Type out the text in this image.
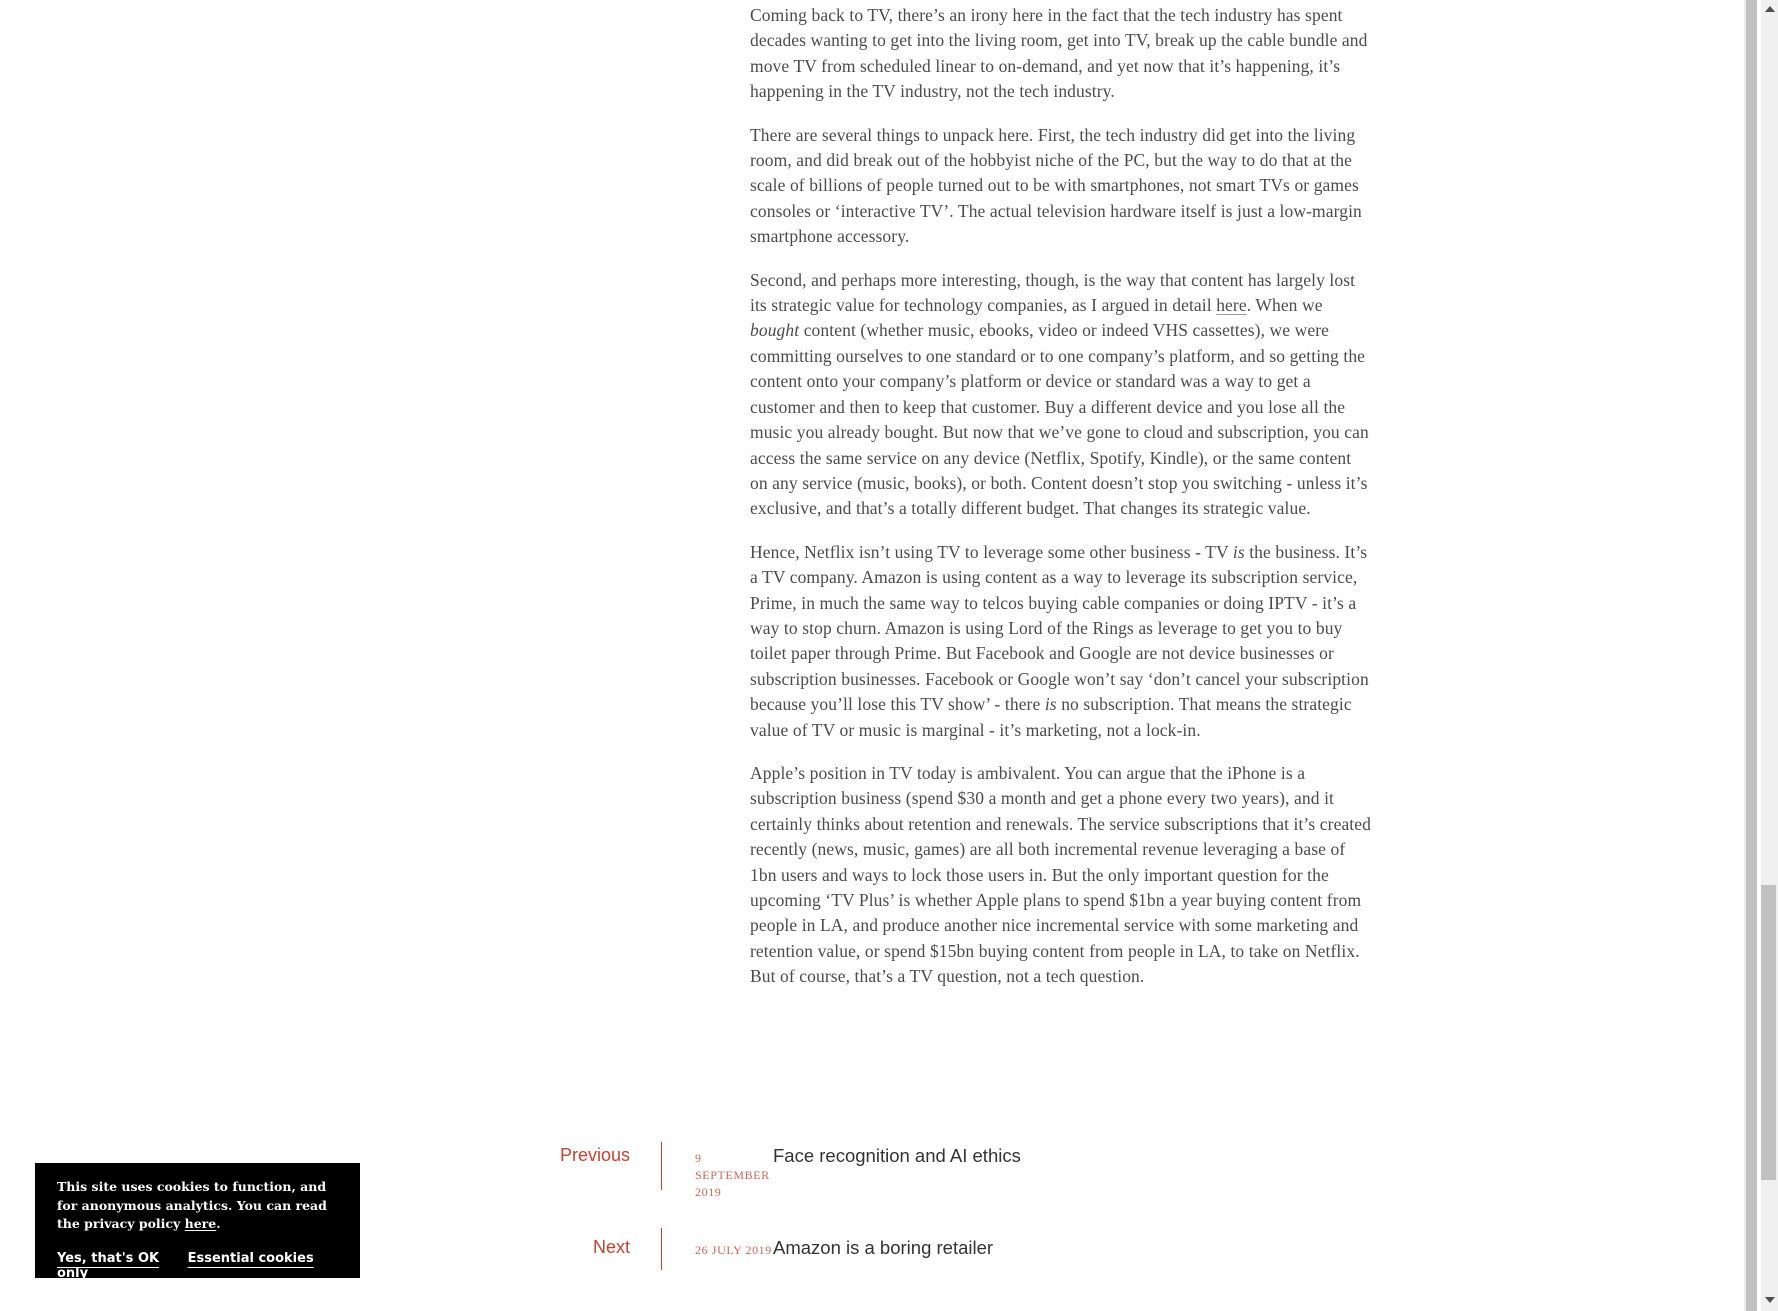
Coming back to TV, there’s an irony here in the fact that the tech industry has spent decades wanting to get into the living room, get into TV, break up the cable bundle and move TV from scheduled linear to on-demand, and yet now that it’s happening, it’s happening in the TV industry, not the tech industry.

There are several things to unpack here. First, the tech industry did get into the living room, and did break out of the hobbyist niche of the PC, but the way to do that at the scale of billions of people turned out to be with smartphones, not smart TVs or games consoles or ‘interactive TV’. The actual television hardware itself is just a low-margin smartphone accessory.

Second, and perhaps more interesting, though, is the way that content has largely lost its strategic value for technology companies, as I argued in detail here. When we bought content (whether music, ebooks, video or indeed VHS cassettes), we were committing ourselves to one standard or to one company’s platform, and so getting the content onto your company’s platform or device or standard was a way to get a customer and then to keep that customer. Buy a different device and you lose all the music you already bought. But now that we’ve gone to cloud and subscription, you can access the same service on any device (Netflix, Spotify, Kindle), or the same content on any service (music, books), or both. Content doesn’t stop you switching - unless it’s exclusive, and that’s a totally different budget. That changes its strategic value.

Hence, Netflix isn’t using TV to leverage some other business - TV is the business. It’s a TV company. Amazon is using content as a way to leverage its subscription service, Prime, in much the same way to telcos buying cable companies or doing IPTV - it’s a way to stop churn. Amazon is using Lord of the Rings as leverage to get you to buy toilet paper through Prime. But Facebook and Google are not device businesses or subscription businesses. Facebook or Google won’t say ‘don’t cancel your subscription because you’ll lose this TV show’ - there is no subscription. That means the strategic value of TV or music is marginal - it’s marketing, not a lock-in.

Apple’s position in TV today is ambivalent. You can argue that the iPhone is a subscription business (spend $30 a month and get a phone every two years), and it certainly thinks about retention and renewals. The service subscriptions that it’s created recently (news, music, games) are all both incremental revenue leveraging a base of 1bn users and ways to lock those users in. But the only important question for the upcoming ‘TV Plus’ is whether Apple plans to spend $1bn a year buying content from people in LA, and produce another nice incremental service with some marketing and retention value, or spend $15bn buying content from people in LA, to take on Netflix. But of course, that’s a TV question, not a tech question.

Previous	9 SEPTEMBER 2019
Face recognition and AI ethics
Next	26 JULY 2019 Amazon is a boring retailer

This site uses cookies to function, and for anonymous analytics. You can read the privacy policy here.

Yes, that's OK Essential cookies only
